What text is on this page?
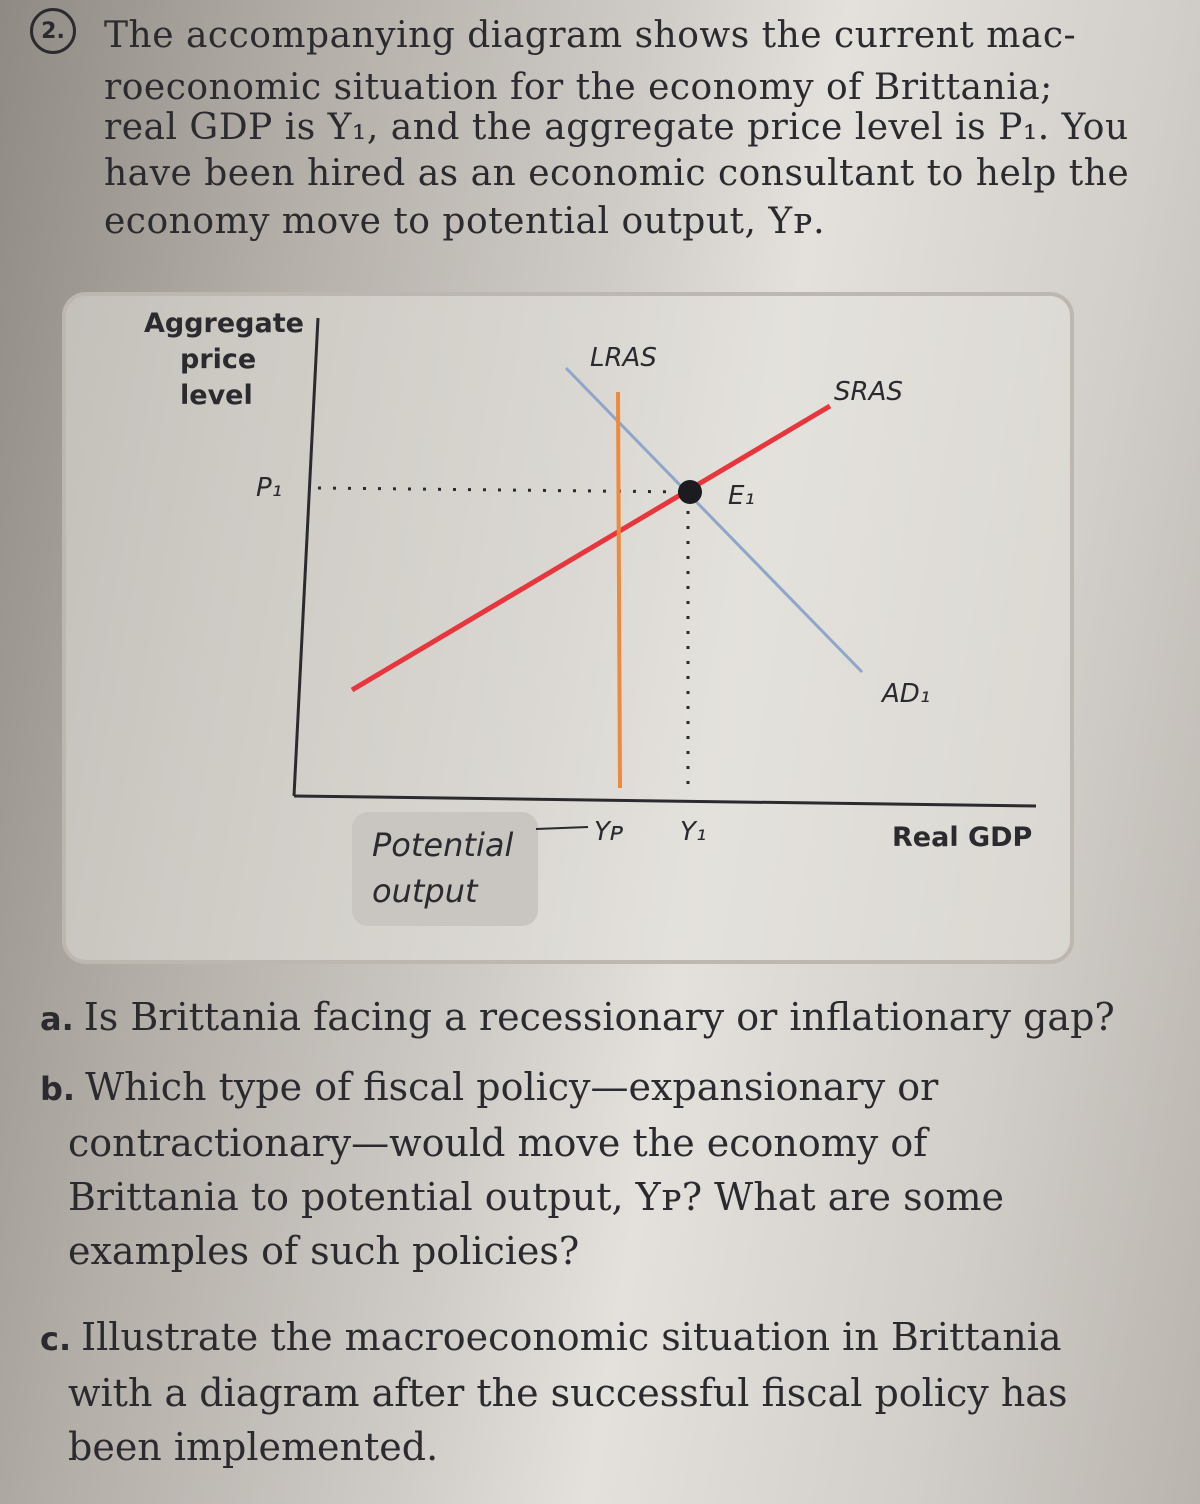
2.	The accompanying diagram shows the current mac-

roeconomic situation for the economy of Brittania;

real GDP is Y₁, and the aggregate price level is P₁. You

have been hired as an economic consultant to help the

economy move to potential output, Yᴘ.

Potential
output
Aggregate
price
level
P₁
LRAS
SRAS
E₁
AD₁
Yᴘ Y₁	Real GDP
a. Is Brittania facing a recessionary or inflationary gap?
b. Which type of fiscal policy—expansionary or
contractionary—would move the economy of
Brittania to potential output, Yᴘ? What are some
examples of such policies?
c. Illustrate the macroeconomic situation in Brittania
with a diagram after the successful fiscal policy has
been implemented.
